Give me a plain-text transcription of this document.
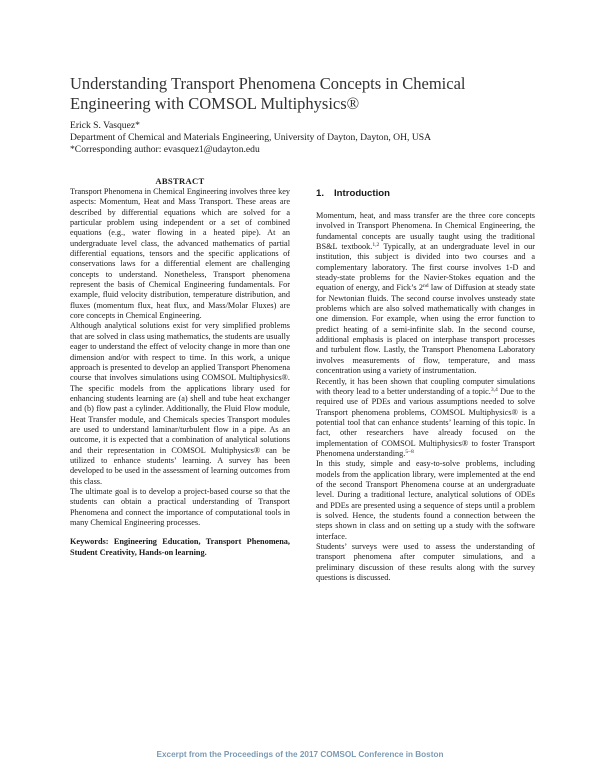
Understanding Transport Phenomena Concepts in Chemical Engineering with COMSOL Multiphysics®
Erick S. Vasquez*
Department of Chemical and Materials Engineering, University of Dayton, Dayton, OH, USA
*Corresponding author: evasquez1@udayton.edu
ABSTRACT

Transport Phenomena in Chemical Engineering involves three key aspects: Momentum, Heat and Mass Transport. These areas are described by differential equations which are solved for a particular problem using independent or a set of combined equations (e.g., water flowing in a heated pipe). At an undergraduate level class, the advanced mathematics of partial differential equations, tensors and the specific applications of conservations laws for a differential element are challenging concepts to understand. Nonetheless, Transport phenomena represent the basis of Chemical Engineering fundamentals. For example, fluid velocity distribution, temperature distribution, and fluxes (momentum flux, heat flux, and Mass/Molar Fluxes) are core concepts in Chemical Engineering.

Although analytical solutions exist for very simplified problems that are solved in class using mathematics, the students are usually eager to understand the effect of velocity change in more than one dimension and/or with respect to time. In this work, a unique approach is presented to develop an applied Transport Phenomena course that involves simulations using COMSOL Multiphysics®. The specific models from the applications library used for enhancing students learning are (a) shell and tube heat exchanger and (b) flow past a cylinder. Additionally, the Fluid Flow module, Heat Transfer module, and Chemicals species Transport modules are used to understand laminar/turbulent flow in a pipe. As an outcome, it is expected that a combination of analytical solutions and their representation in COMSOL Multiphysics® can be utilized to enhance students’ learning. A survey has been developed to be used in the assessment of learning outcomes from this class.

The ultimate goal is to develop a project-based course so that the students can obtain a practical understanding of Transport Phenomena and connect the importance of computational tools in many Chemical Engineering processes.

Keywords: Engineering Education, Transport Phenomena, Student Creativity, Hands-on learning.

1. Introduction

Momentum, heat, and mass transfer are the three core concepts involved in Transport Phenomena. In Chemical Engineering, the fundamental concepts are usually taught using the traditional BS&L textbook.$^{1,2}$ Typically, at an undergraduate level in our institution, this subject is divided into two courses and a complementary laboratory. The first course involves 1-D and steady-state problems for the Navier-Stokes equation and the equation of energy, and Fick’s 2nd law of Diffusion at steady state for Newtonian fluids. The second course involves unsteady state problems which are also solved mathematically with changes in one dimension. For example, when using the error function to predict heating of a semi-infinite slab. In the second course, additional emphasis is placed on interphase transport processes and turbulent flow. Lastly, the Transport Phenomena Laboratory involves measurements of flow, temperature, and mass concentration using a variety of instrumentation.

Recently, it has been shown that coupling computer simulations with theory lead to a better understanding of a topic.$^{3,4}$ Due to the required use of PDEs and various assumptions needed to solve Transport phenomena problems, COMSOL Multiphysics® is a potential tool that can enhance students’ learning of this topic. In fact, other researchers have already focused on the implementation of COMSOL Multiphysics® to foster Transport Phenomena understanding.$^{5-8}$

In this study, simple and easy-to-solve problems, including models from the application library, were implemented at the end of the second Transport Phenomena course at an undergraduate level. During a traditional lecture, analytical solutions of ODEs and PDEs are presented using a sequence of steps until a problem is solved. Hence, the students found a connection between the steps shown in class and on setting up a study with the software interface.

Students’ surveys were used to assess the understanding of transport phenomena after computer simulations, and a preliminary discussion of these results along with the survey questions is discussed.

Excerpt from the Proceedings of the 2017 COMSOL Conference in Boston
